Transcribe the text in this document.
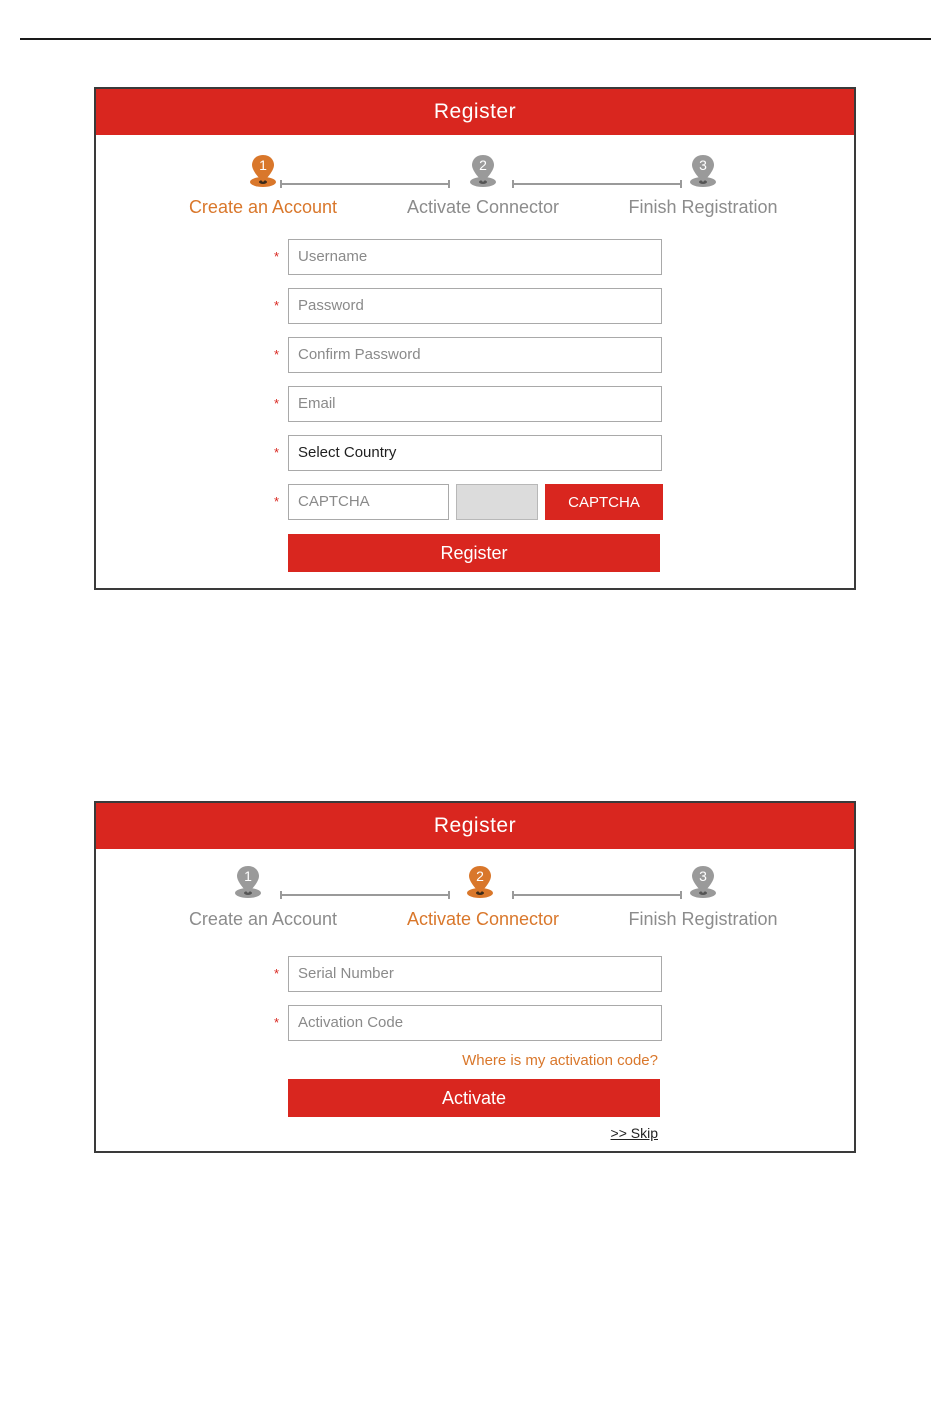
Register
1
Create an Account
2
Activate Connector
3
Finish Registration
*	Username
*	Password
*	Confirm Password
*	Email
*	Select Country
*	CAPTCHA	CAPTCHA
Register
Register
1
Create an Account
2
Activate Connector
3
Finish Registration
*	Serial Number
*	Activation Code
Where is my activation code?
Activate
>> Skip
